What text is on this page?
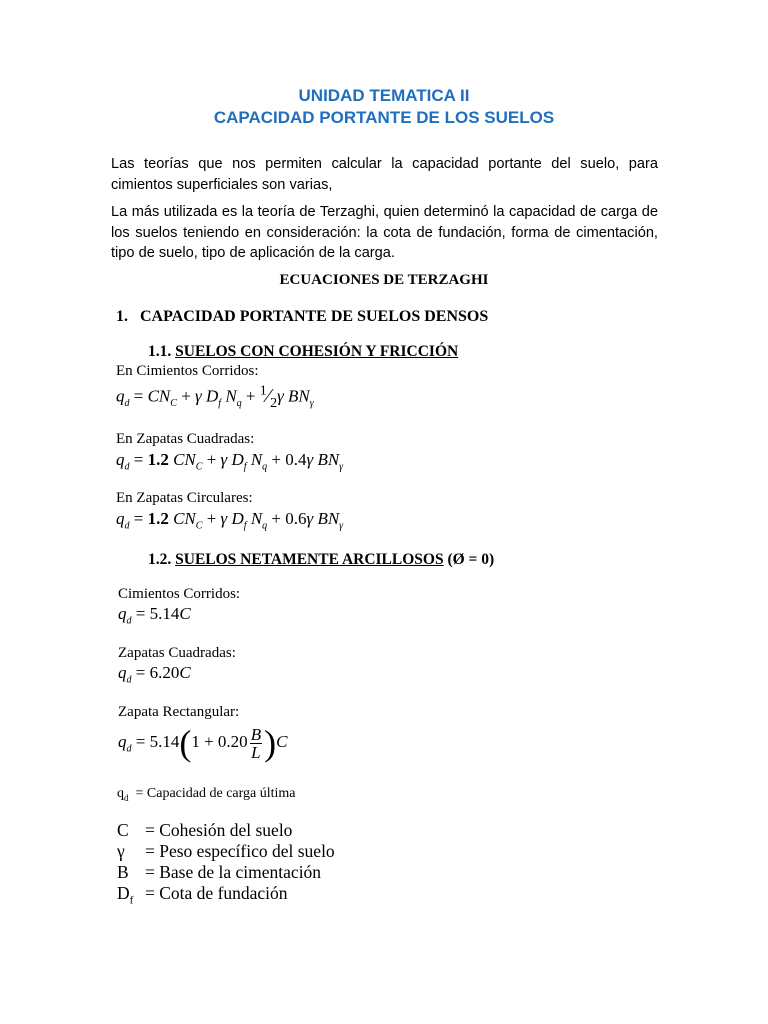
UNIDAD TEMATICA II
CAPACIDAD PORTANTE DE LOS SUELOS
Las teorías que nos permiten calcular la capacidad portante del suelo, para cimientos superficiales son varias,
La más utilizada es la teoría de Terzaghi, quien determinó la capacidad de carga de los suelos teniendo en consideración: la cota de fundación, forma de cimentación, tipo de suelo, tipo de aplicación de la carga.
ECUACIONES DE TERZAGHI
1. CAPACIDAD PORTANTE DE SUELOS DENSOS
1.1. SUELOS CON COHESIÓN Y FRICCIÓN
En Cimientos Corridos:
$q_d = CN_C + \gamma$ $D_f$ $N_q$ + $^1⁄_2\gamma$ $BN_\gamma$
En Zapatas Cuadradas:
$q_d = 1.2$ $CN_C + \gamma$ $D_f$ $N_q + 0.4\gamma$ $BN_\gamma$
En Zapatas Circulares:
$q_d = 1.2$ $CN_C + \gamma$ $D_f$ $N_q + 0.6\gamma$ $BN_\gamma$
1.2. SUELOS NETAMENTE ARCILLOSOS (Ø = 0)
Cimientos Corridos:
$q_d = 5.14C$
Zapatas Cuadradas:
$q_d = 6.20C$
Zapata Rectangular:
$q_d = 5.14(1 + 0.20 \frac{B}{L} )C$
$q_d$ = Capacidad de carga última
C = Cohesión del suelo
γ = Peso específico del suelo
B = Base de la cimentación
$D_f$ = Cota de fundación
